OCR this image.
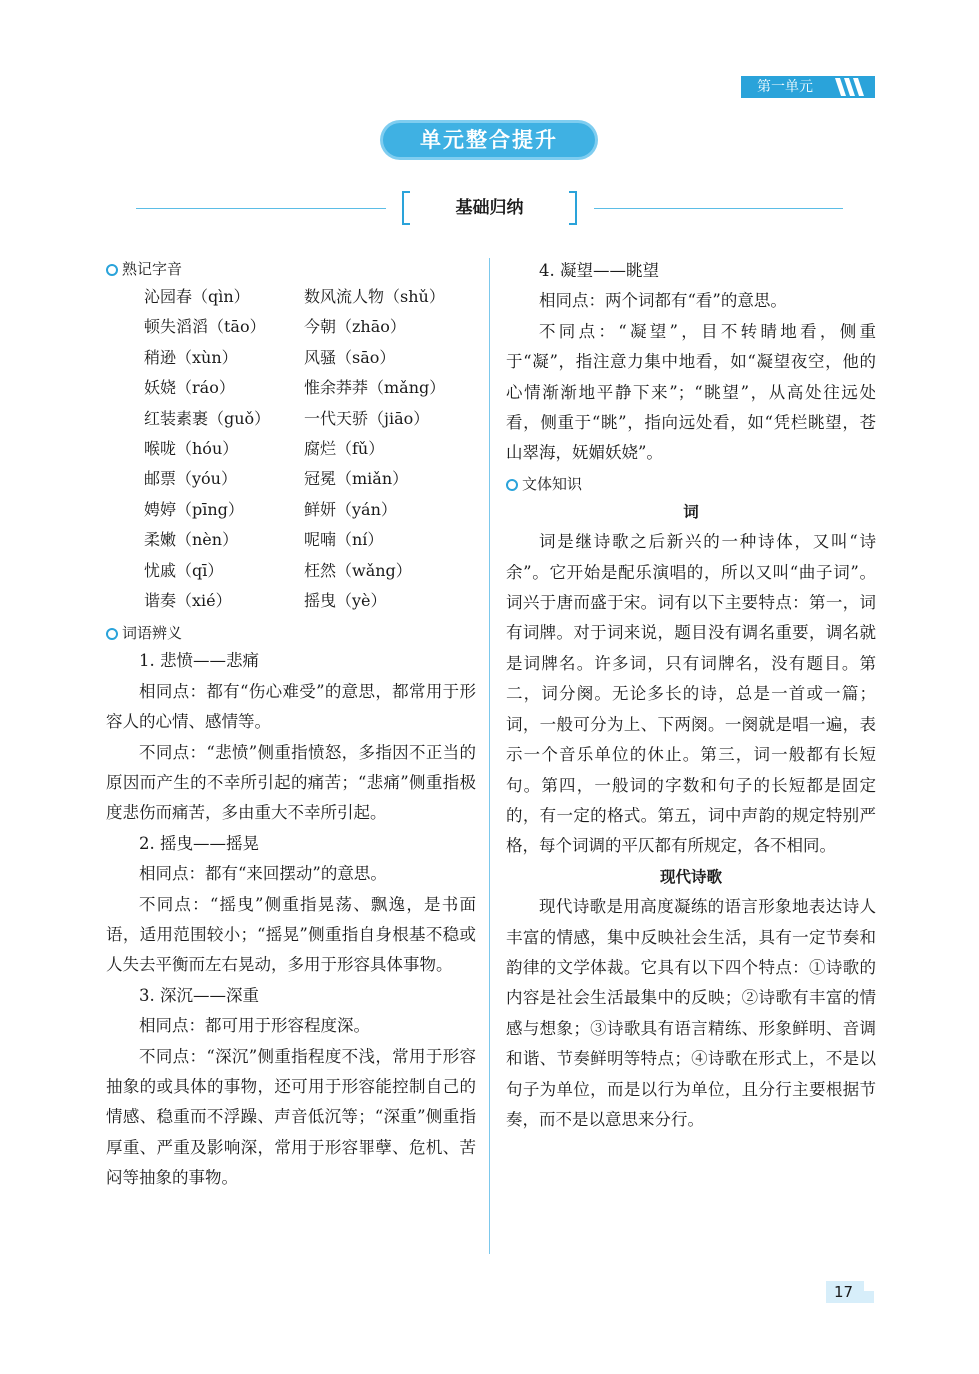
第一单元
单元整合提升
基础归纳
熟记字音
沁园春（qìn）	数风流人物（shǔ）
顿失滔滔（tāo）	今朝（zhāo）
稍逊（xùn）	风骚（sāo）
妖娆（ráo）	惟余莽莽（mǎng）
红装素裹（guǒ）	一代天骄（jiāo）
喉咙（hóu）	腐烂（fǔ）
邮票（yóu）	冠冕（miǎn）
娉婷（pīng）	鲜妍（yán）
柔嫩（nèn）	呢喃（ní）
忧戚（qī）	枉然（wǎng）
谐奏（xié）	摇曳（yè）
词语辨义

1. 悲愤——悲痛

相同点：都有“伤心难受”的意思，都常用于形容人的心情、感情等。

不同点：“悲愤”侧重指愤怒，多指因不正当的原因而产生的不幸所引起的痛苦；“悲痛”侧重指极度悲伤而痛苦，多由重大不幸所引起。

2. 摇曳——摇晃

相同点：都有“来回摆动”的意思。

不同点：“摇曳”侧重指晃荡、飘逸，是书面语，适用范围较小；“摇晃”侧重指自身根基不稳或人失去平衡而左右晃动，多用于形容具体事物。

3. 深沉——深重

相同点：都可用于形容程度深。

不同点：“深沉”侧重指程度不浅，常用于形容抽象的或具体的事物，还可用于形容能控制自己的情感、稳重而不浮躁、声音低沉等；“深重”侧重指厚重、严重及影响深，常用于形容罪孽、危机、苦闷等抽象的事物。

4. 凝望——眺望

相同点：两个词都有“看”的意思。

不同点：“凝望”，目不转睛地看，侧重于“凝”，指注意力集中地看，如“凝望夜空，他的心情渐渐地平静下来”；“眺望”，从高处往远处看，侧重于“眺”，指向远处看，如“凭栏眺望，苍山翠海，妩媚妖娆”。

文体知识
词

词是继诗歌之后新兴的一种诗体，又叫“诗余”。它开始是配乐演唱的，所以又叫“曲子词”。词兴于唐而盛于宋。词有以下主要特点：第一，词有词牌。对于词来说，题目没有调名重要，调名就是词牌名。许多词，只有词牌名，没有题目。第二，词分阕。无论多长的诗，总是一首或一篇；词，一般可分为上、下两阕。一阕就是唱一遍，表示一个音乐单位的休止。第三，词一般都有长短句。第四，一般词的字数和句子的长短都是固定的，有一定的格式。第五，词中声韵的规定特别严格，每个词调的平仄都有所规定，各不相同。

现代诗歌

现代诗歌是用高度凝练的语言形象地表达诗人丰富的情感，集中反映社会生活，具有一定节奏和韵律的文学体裁。它具有以下四个特点：①诗歌的内容是社会生活最集中的反映；②诗歌有丰富的情感与想象；③诗歌具有语言精练、形象鲜明、音调和谐、节奏鲜明等特点；④诗歌在形式上，不是以句子为单位，而是以行为单位，且分行主要根据节奏，而不是以意思来分行。

17
